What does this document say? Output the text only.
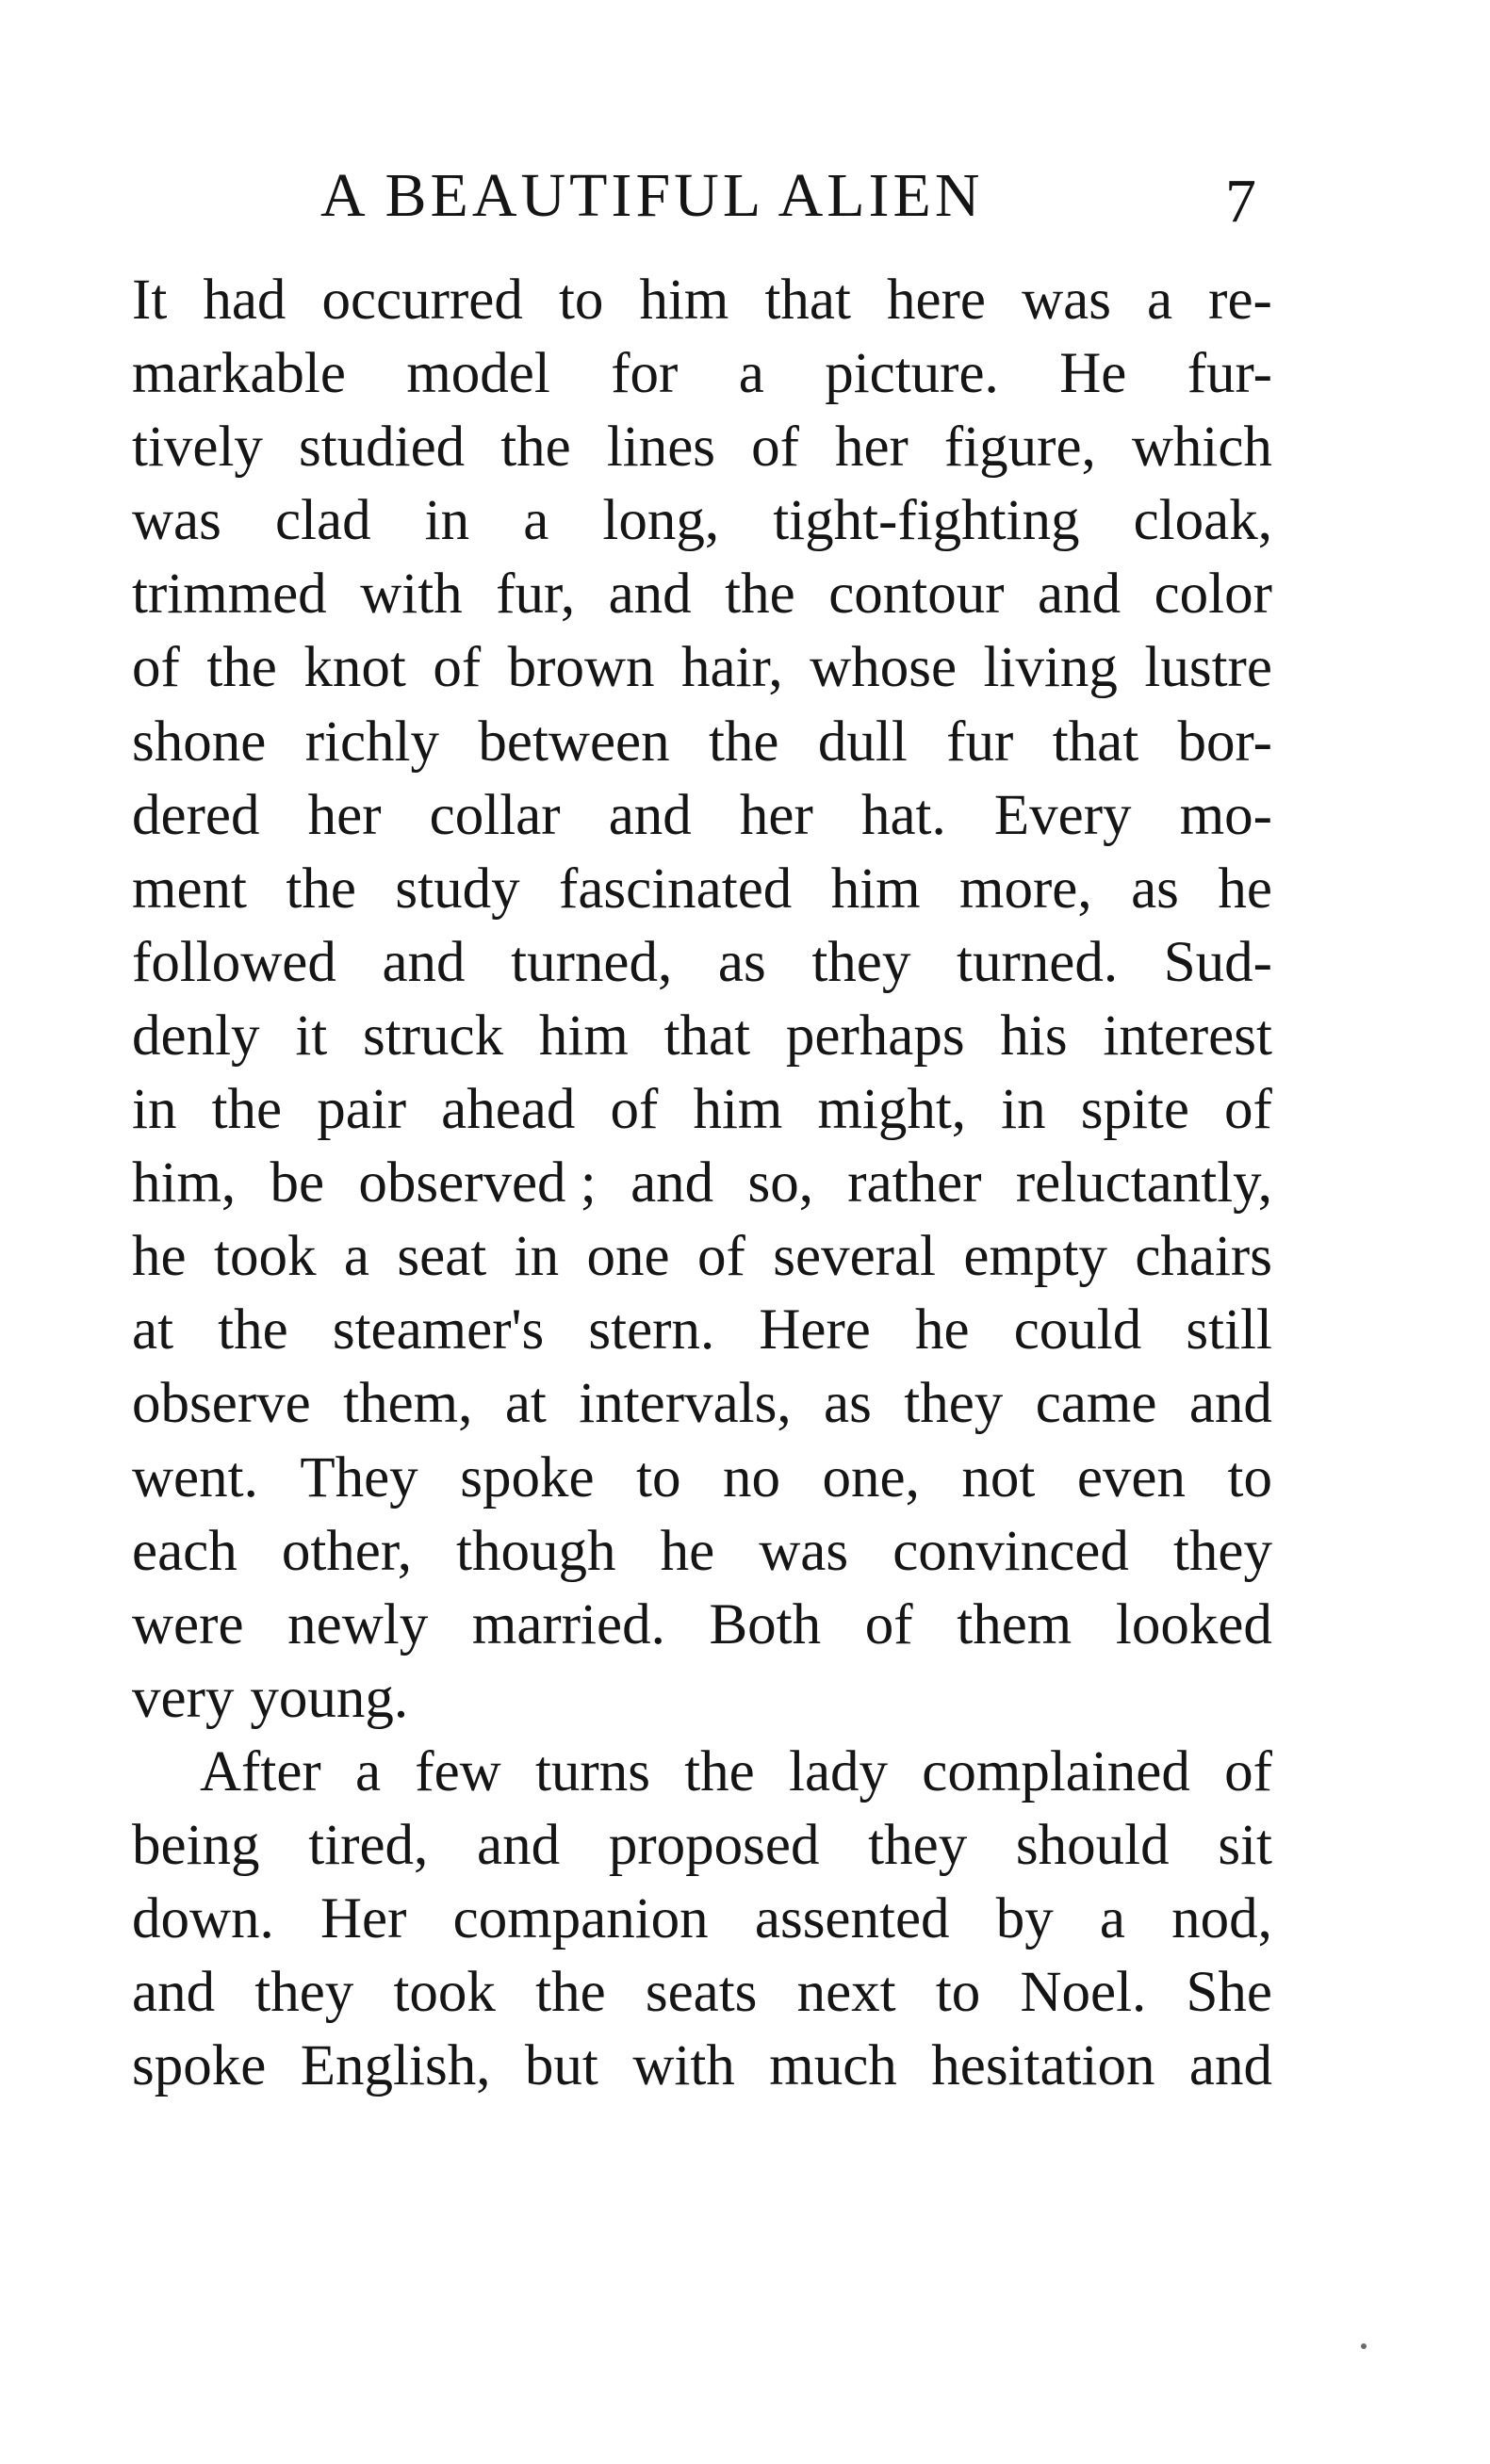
A BEAUTIFUL ALIEN	7
It had occurred to him that here was a re-
markable model for a picture. He fur-
tively studied the lines of her figure, which
was clad in a long, tight-fighting cloak,
trimmed with fur, and the contour and color
of the knot of brown hair, whose living lustre
shone richly between the dull fur that bor-
dered her collar and her hat. Every mo-
ment the study fascinated him more, as he
followed and turned, as they turned. Sud-
denly it struck him that perhaps his interest
in the pair ahead of him might, in spite of
him, be observed ; and so, rather reluctantly,
he took a seat in one of several empty chairs
at the steamer's stern. Here he could still
observe them, at intervals, as they came and
went. They spoke to no one, not even to
each other, though he was convinced they
were newly married. Both of them looked
very young.
After a few turns the lady complained of
being tired, and proposed they should sit
down. Her companion assented by a nod,
and they took the seats next to Noel. She
spoke English, but with much hesitation and
